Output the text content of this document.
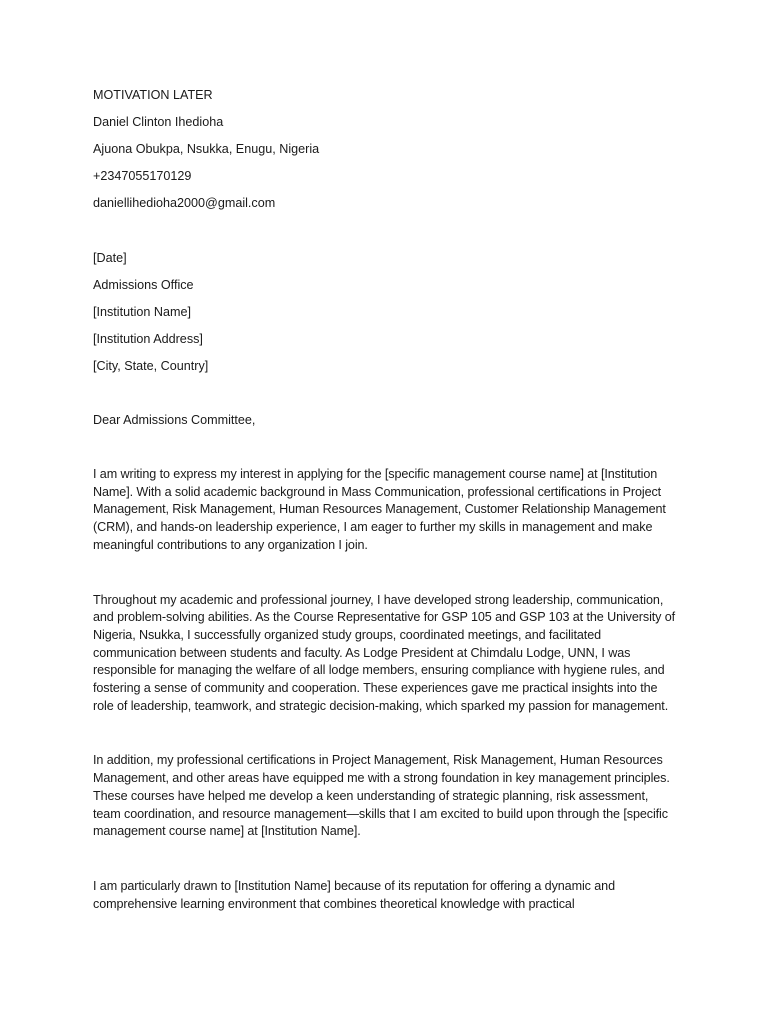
MOTIVATION LATER

Daniel Clinton Ihedioha

Ajuona Obukpa, Nsukka, Enugu, Nigeria

+2347055170129

daniellihedioha2000@gmail.com

[Date]

Admissions Office

[Institution Name]

[Institution Address]

[City, State, Country]

Dear Admissions Committee,

I am writing to express my interest in applying for the [specific management course name] at [Institution Name]. With a solid academic background in Mass Communication, professional certifications in Project Management, Risk Management, Human Resources Management, Customer Relationship Management (CRM), and hands-on leadership experience, I am eager to further my skills in management and make meaningful contributions to any organization I join.

Throughout my academic and professional journey, I have developed strong leadership, communication, and problem-solving abilities. As the Course Representative for GSP 105 and GSP 103 at the University of Nigeria, Nsukka, I successfully organized study groups, coordinated meetings, and facilitated communication between students and faculty. As Lodge President at Chimdalu Lodge, UNN, I was responsible for managing the welfare of all lodge members, ensuring compliance with hygiene rules, and fostering a sense of community and cooperation. These experiences gave me practical insights into the role of leadership, teamwork, and strategic decision-making, which sparked my passion for management.

In addition, my professional certifications in Project Management, Risk Management, Human Resources Management, and other areas have equipped me with a strong foundation in key management principles. These courses have helped me develop a keen understanding of strategic planning, risk assessment, team coordination, and resource management—skills that I am excited to build upon through the [specific management course name] at [Institution Name].

I am particularly drawn to [Institution Name] because of its reputation for offering a dynamic and comprehensive learning environment that combines theoretical knowledge with practical
